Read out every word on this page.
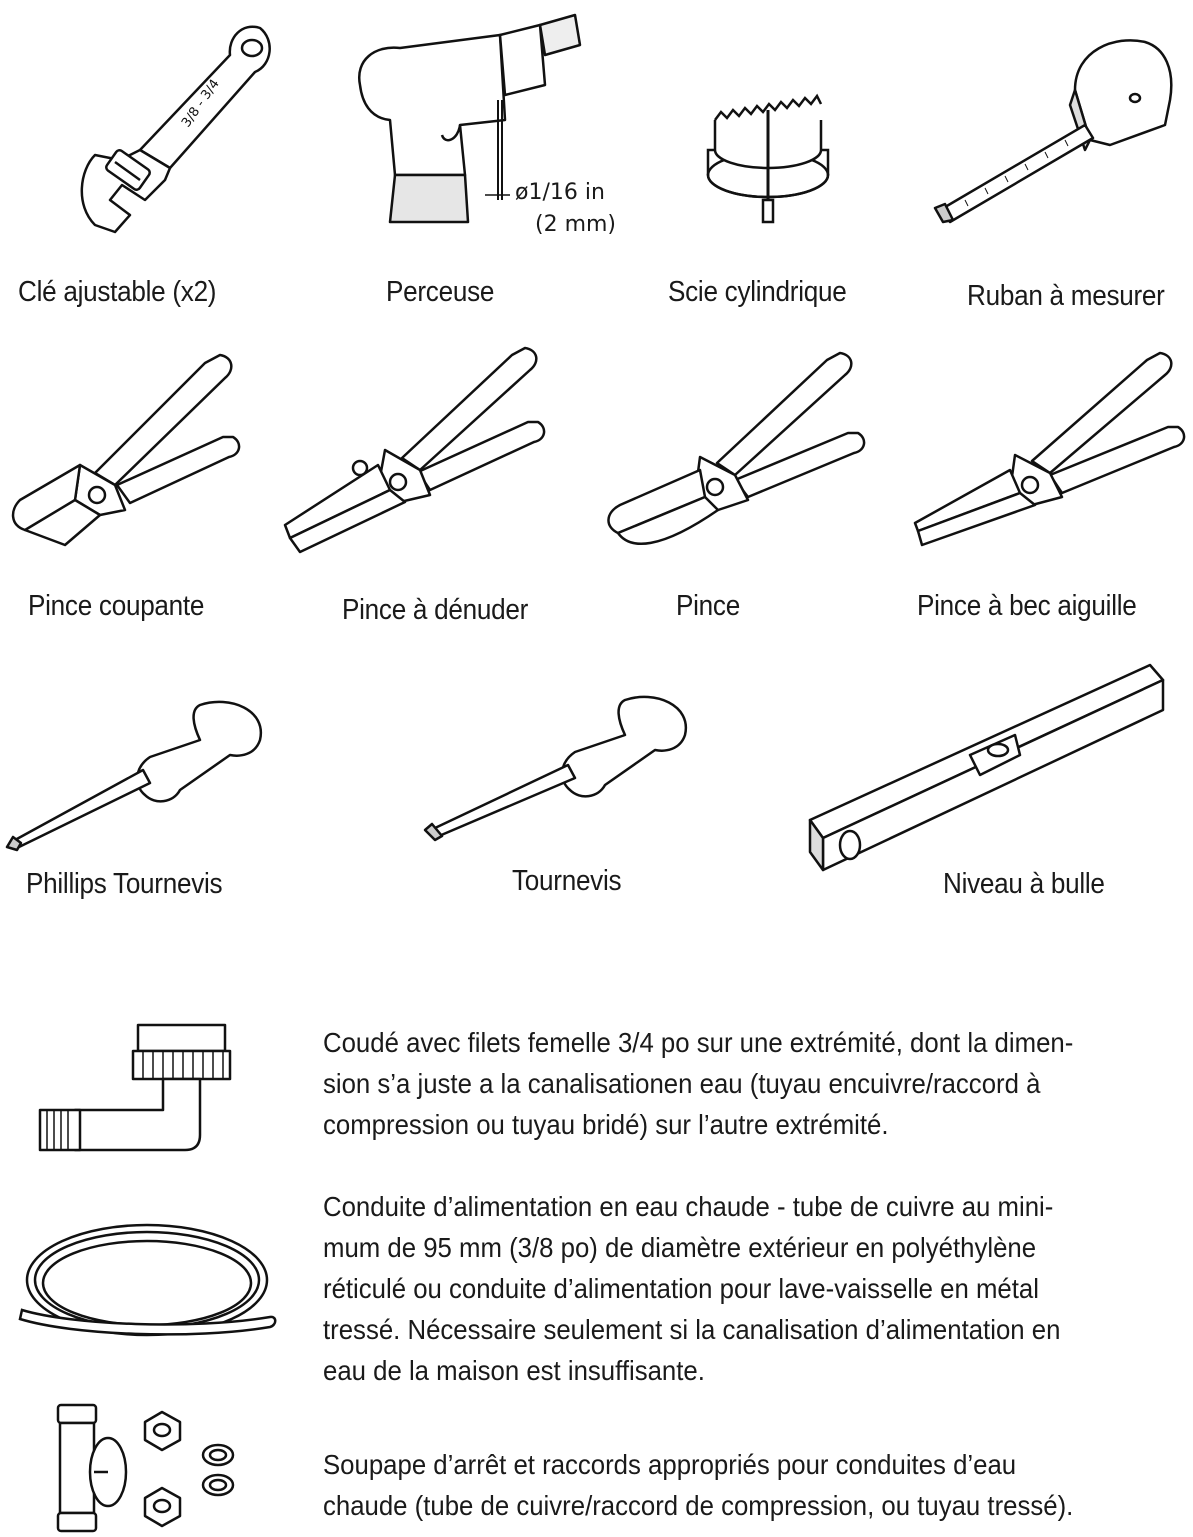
3/8 - 3/4
Clé ajustable (x2)
ø1/16 in
(2 mm)
Perceuse	Scie cylindrique	Ruban à mesurer
Pince coupante	Pince à dénuder	Pince	Pince à bec aiguille
Phillips Tournevis	Tournevis	Niveau à bulle
Coudé avec filets femelle 3/4 po sur une extrémité, dont la dimen-
sion s’a juste a la canalisationen eau (tuyau encuivre/raccord à
compression ou tuyau bridé) sur l’autre extrémité.
Conduite d’alimentation en eau chaude - tube de cuivre au mini-
mum de 95 mm (3/8 po) de diamètre extérieur en polyéthylène
réticulé ou conduite d’alimentation pour lave-vaisselle en métal
tressé. Nécessaire seulement si la canalisation d’alimentation en
eau de la maison est insuffisante.
Soupape d’arrêt et raccords appropriés pour conduites d’eau
chaude (tube de cuivre/raccord de compression, ou tuyau tressé).
